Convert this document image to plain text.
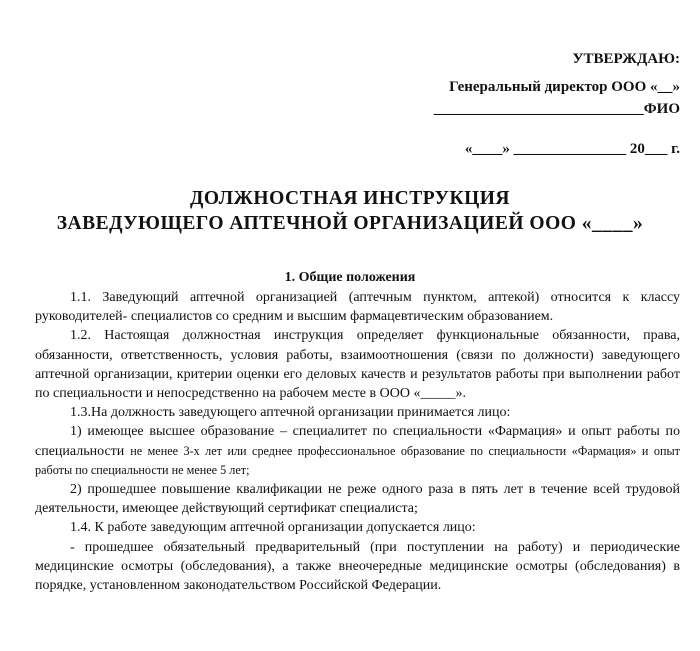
УТВЕРЖДАЮ:
Генеральный директор ООО «__»
____________________________ФИО
«____» _______________ 20___ г.
ДОЛЖНОСТНАЯ ИНСТРУКЦИЯ
ЗАВЕДУЮЩЕГО АПТЕЧНОЙ ОРГАНИЗАЦИЕЙ ООО «____»
1. Общие положения

1.1. Заведующий аптечной организацией (аптечным пунктом, аптекой) относится к классу руководителей- специалистов со средним и высшим фармацевтическим образованием.

1.2. Настоящая должностная инструкция определяет функциональные обязанности, права, обязанности, ответственность, условия работы, взаимоотношения (связи по должности) заведующего аптечной организации, критерии оценки его деловых качеств и результатов работы при выполнении работ по специальности и непосредственно на рабочем месте в ООО «_____».

1.3.На должность заведующего аптечной организации принимается лицо:

1) имеющее высшее образование – специалитет по специальности «Фармация» и опыт работы по специальности не менее 3-х лет или среднее профессиональное образование по специальности «Фармация» и опыт работы по специальности не менее 5 лет;

2) прошедшее повышение квалификации не реже одного раза в пять лет в течение всей трудовой деятельности, имеющее действующий сертификат специалиста;

1.4. К работе заведующим аптечной организации допускается лицо:

- прошедшее обязательный предварительный (при поступлении на работу) и периодические медицинские осмотры (обследования), а также внеочередные медицинские осмотры (обследования) в порядке, установленном законодательством Российской Федерации.
